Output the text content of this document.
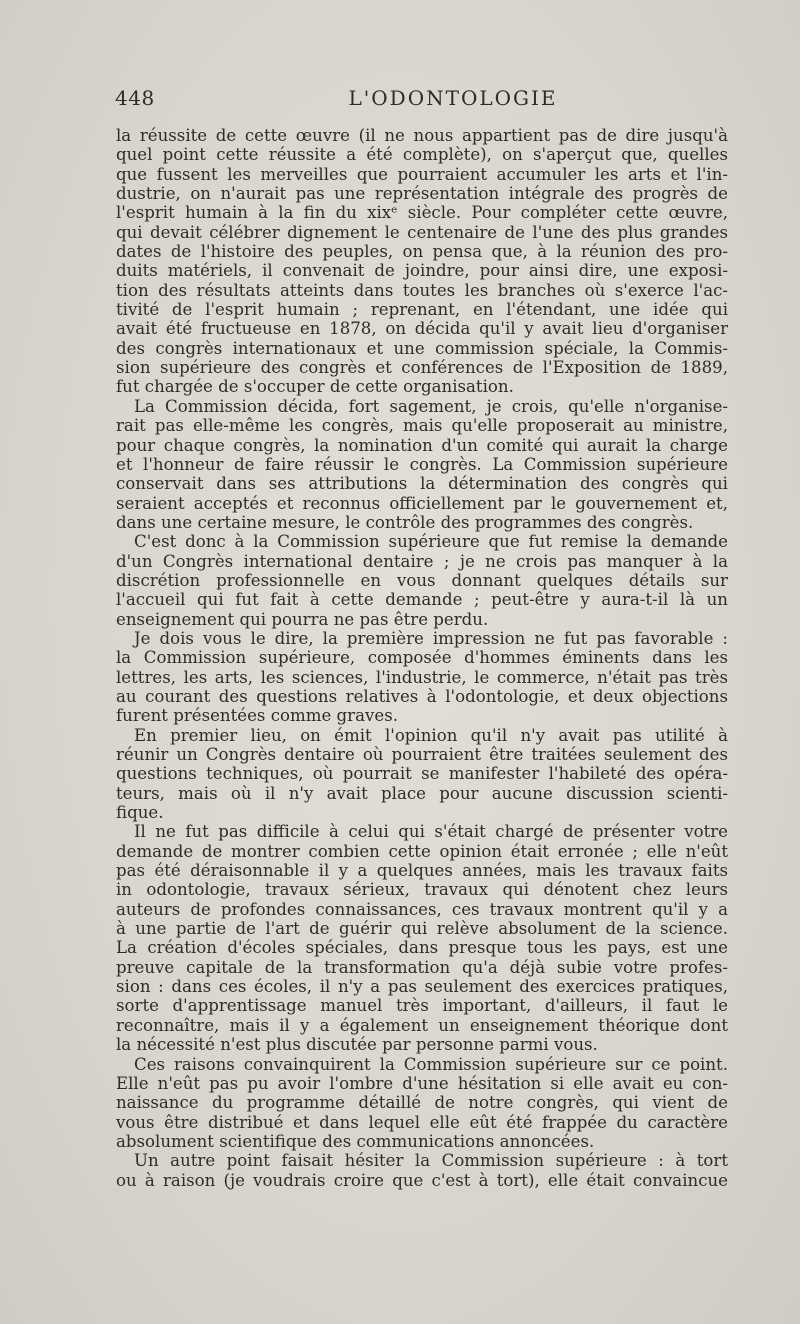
448	L'ODONTOLOGIE
la réussite de cette œuvre (il ne nous appartient pas de dire jusqu'à
quel point cette réussite a été complète), on s'aperçut que, quelles
que fussent les merveilles que pourraient accumuler les arts et l'in-
dustrie, on n'aurait pas une représentation intégrale des progrès de
l'esprit humain à la fin du xixᵉ siècle. Pour compléter cette œuvre,
qui devait célébrer dignement le centenaire de l'une des plus grandes
dates de l'histoire des peuples, on pensa que, à la réunion des pro-
duits matériels, il convenait de joindre, pour ainsi dire, une exposi-
tion des résultats atteints dans toutes les branches où s'exerce l'ac-
tivité de l'esprit humain ; reprenant, en l'étendant, une idée qui
avait été fructueuse en 1878, on décida qu'il y avait lieu d'organiser
des congrès internationaux et une commission spéciale, la Commis-
sion supérieure des congrès et conférences de l'Exposition de 1889,
fut chargée de s'occuper de cette organisation.
La Commission décida, fort sagement, je crois, qu'elle n'organise-
rait pas elle-même les congrès, mais qu'elle proposerait au ministre,
pour chaque congrès, la nomination d'un comité qui aurait la charge
et l'honneur de faire réussir le congrès. La Commission supérieure
conservait dans ses attributions la détermination des congrès qui
seraient acceptés et reconnus officiellement par le gouvernement et,
dans une certaine mesure, le contrôle des programmes des congrès.
C'est donc à la Commission supérieure que fut remise la demande
d'un Congrès international dentaire ; je ne crois pas manquer à la
discrétion professionnelle en vous donnant quelques détails sur
l'accueil qui fut fait à cette demande ; peut-être y aura-t-il là un
enseignement qui pourra ne pas être perdu.
Je dois vous le dire, la première impression ne fut pas favorable :
la Commission supérieure, composée d'hommes éminents dans les
lettres, les arts, les sciences, l'industrie, le commerce, n'était pas très
au courant des questions relatives à l'odontologie, et deux objections
furent présentées comme graves.
En premier lieu, on émit l'opinion qu'il n'y avait pas utilité à
réunir un Congrès dentaire où pourraient être traitées seulement des
questions techniques, où pourrait se manifester l'habileté des opéra-
teurs, mais où il n'y avait place pour aucune discussion scienti-
fique.
Il ne fut pas difficile à celui qui s'était chargé de présenter votre
demande de montrer combien cette opinion était erronée ; elle n'eût
pas été déraisonnable il y a quelques années, mais les travaux faits
in odontologie, travaux sérieux, travaux qui dénotent chez leurs
auteurs de profondes connaissances, ces travaux montrent qu'il y a
à une partie de l'art de guérir qui relève absolument de la science.
La création d'écoles spéciales, dans presque tous les pays, est une
preuve capitale de la transformation qu'a déjà subie votre profes-
sion : dans ces écoles, il n'y a pas seulement des exercices pratiques,
sorte d'apprentissage manuel très important, d'ailleurs, il faut le
reconnaître, mais il y a également un enseignement théorique dont
la nécessité n'est plus discutée par personne parmi vous.
Ces raisons convainquirent la Commission supérieure sur ce point.
Elle n'eût pas pu avoir l'ombre d'une hésitation si elle avait eu con-
naissance du programme détaillé de notre congrès, qui vient de
vous être distribué et dans lequel elle eût été frappée du caractère
absolument scientifique des communications annoncées.
Un autre point faisait hésiter la Commission supérieure : à tort
ou à raison (je voudrais croire que c'est à tort), elle était convaincue
